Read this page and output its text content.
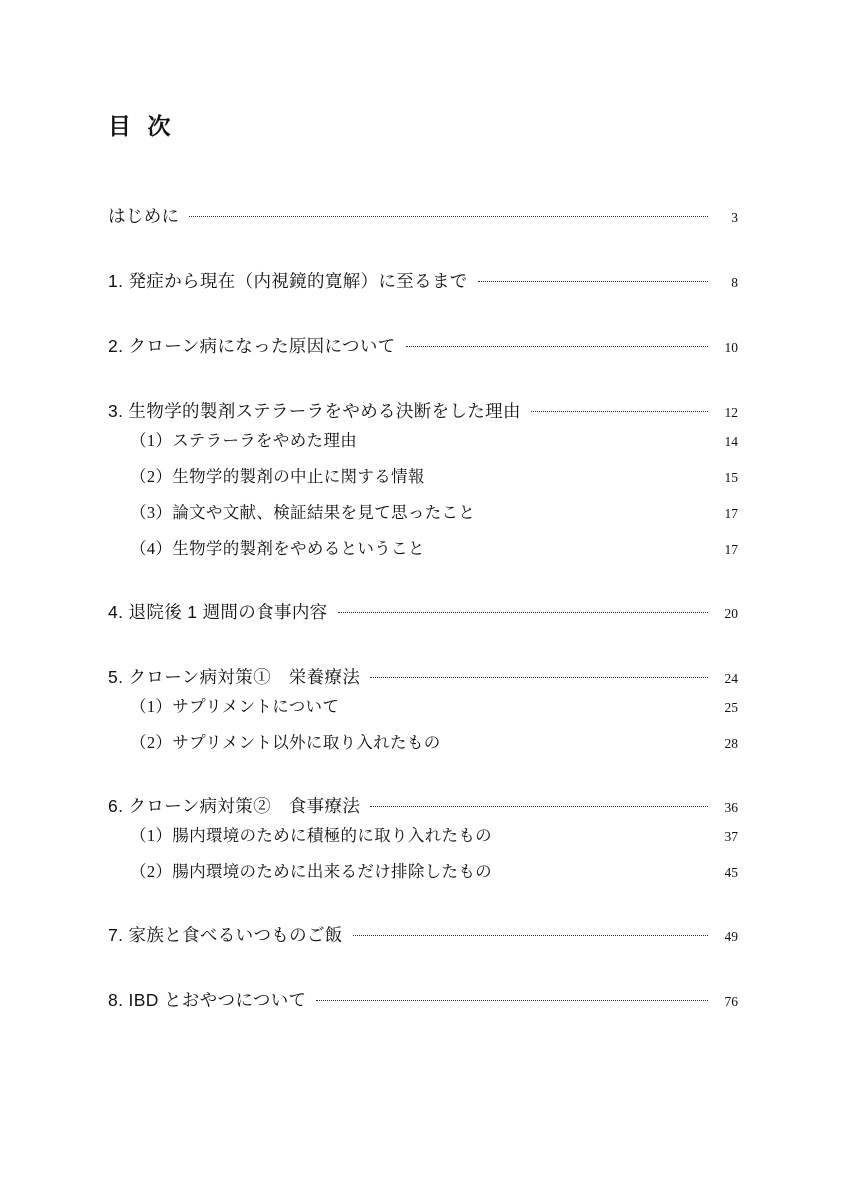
目 次
はじめに	3
1. 発症から現在（内視鏡的寛解）に至るまで	8
2. クローン病になった原因について	10
3. 生物学的製剤ステラーラをやめる決断をした理由	12
（1）ステラーラをやめた理由	14
（2）生物学的製剤の中止に関する情報	15
（3）論文や文献、検証結果を見て思ったこと	17
（4）生物学的製剤をやめるということ	17
4. 退院後 1 週間の食事内容	20
5. クローン病対策①　栄養療法	24
（1）サプリメントについて	25
（2）サプリメント以外に取り入れたもの	28
6. クローン病対策②　食事療法	36
（1）腸内環境のために積極的に取り入れたもの	37
（2）腸内環境のために出来るだけ排除したもの	45
7. 家族と食べるいつものご飯	49
8. IBD とおやつについて	76
